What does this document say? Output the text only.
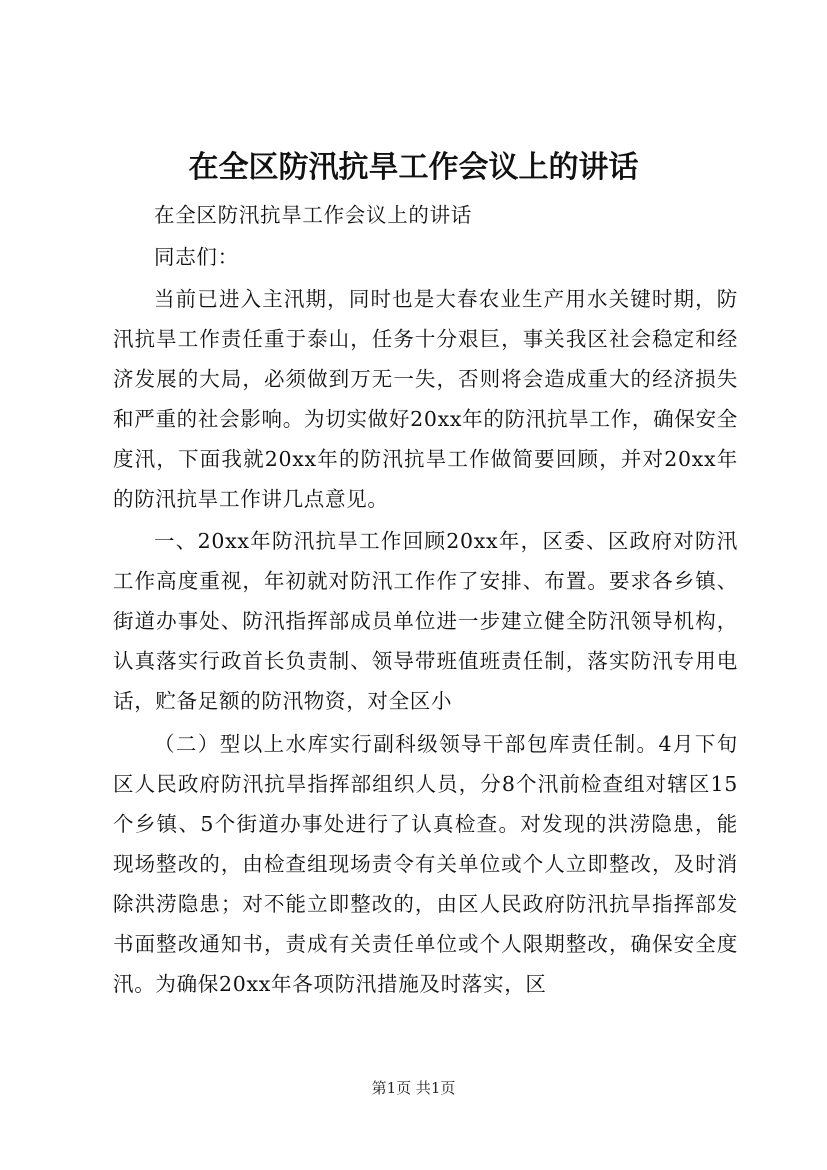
在全区防汛抗旱工作会议上的讲话

在全区防汛抗旱工作会议上的讲话

同志们：

当前已进入主汛期，同时也是大春农业生产用水关键时期，防汛抗旱工作责任重于泰山，任务十分艰巨，事关我区社会稳定和经济发展的大局，必须做到万无一失，否则将会造成重大的经济损失和严重的社会影响。为切实做好20xx年的防汛抗旱工作，确保安全度汛，下面我就20xx年的防汛抗旱工作做简要回顾，并对20xx年的防汛抗旱工作讲几点意见。

一、20xx年防汛抗旱工作回顾20xx年，区委、区政府对防汛工作高度重视，年初就对防汛工作作了安排、布置。要求各乡镇、街道办事处、防汛指挥部成员单位进一步建立健全防汛领导机构，认真落实行政首长负责制、领导带班值班责任制，落实防汛专用电话，贮备足额的防汛物资，对全区小

（二）型以上水库实行副科级领导干部包库责任制。4月下旬区人民政府防汛抗旱指挥部组织人员，分8个汛前检查组对辖区15个乡镇、5个街道办事处进行了认真检查。对发现的洪涝隐患，能现场整改的，由检查组现场责令有关单位或个人立即整改，及时消除洪涝隐患；对不能立即整改的，由区人民政府防汛抗旱指挥部发书面整改通知书，责成有关责任单位或个人限期整改，确保安全度汛。为确保20xx年各项防汛措施及时落实，区

第1页 共1页
